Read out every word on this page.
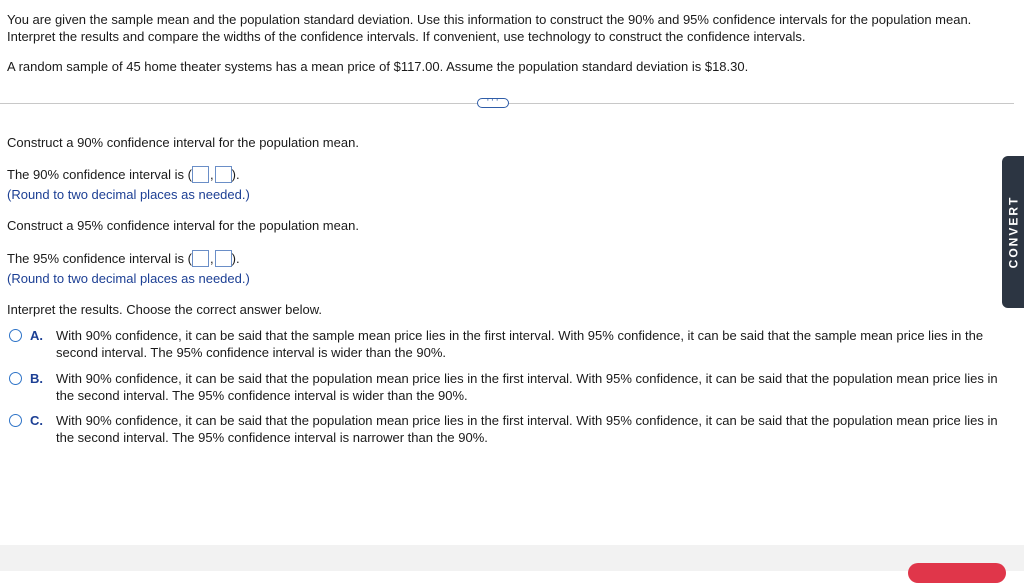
You are given the sample mean and the population standard deviation. Use this information to construct the 90% and 95% confidence intervals for the population mean. Interpret the results and compare the widths of the confidence intervals. If convenient, use technology to construct the confidence intervals.

A random sample of 45 home theater systems has a mean price of $117.00. Assume the population standard deviation is $18.30.

···
Construct a 90% confidence interval for the population mean.
The 90% confidence interval is ( , ).
(Round to two decimal places as needed.)
Construct a 95% confidence interval for the population mean.
The 95% confidence interval is ( , ).
(Round to two decimal places as needed.)
Interpret the results. Choose the correct answer below.
A.	With 90% confidence, it can be said that the sample mean price lies in the first interval. With 95% confidence, it can be said that the sample mean price lies in the second interval. The 95% confidence interval is wider than the 90%.
B.	With 90% confidence, it can be said that the population mean price lies in the first interval. With 95% confidence, it can be said that the population mean price lies in the second interval. The 95% confidence interval is wider than the 90%.
C.	With 90% confidence, it can be said that the population mean price lies in the first interval. With 95% confidence, it can be said that the population mean price lies in the second interval. The 95% confidence interval is narrower than the 90%.
CONVERT
